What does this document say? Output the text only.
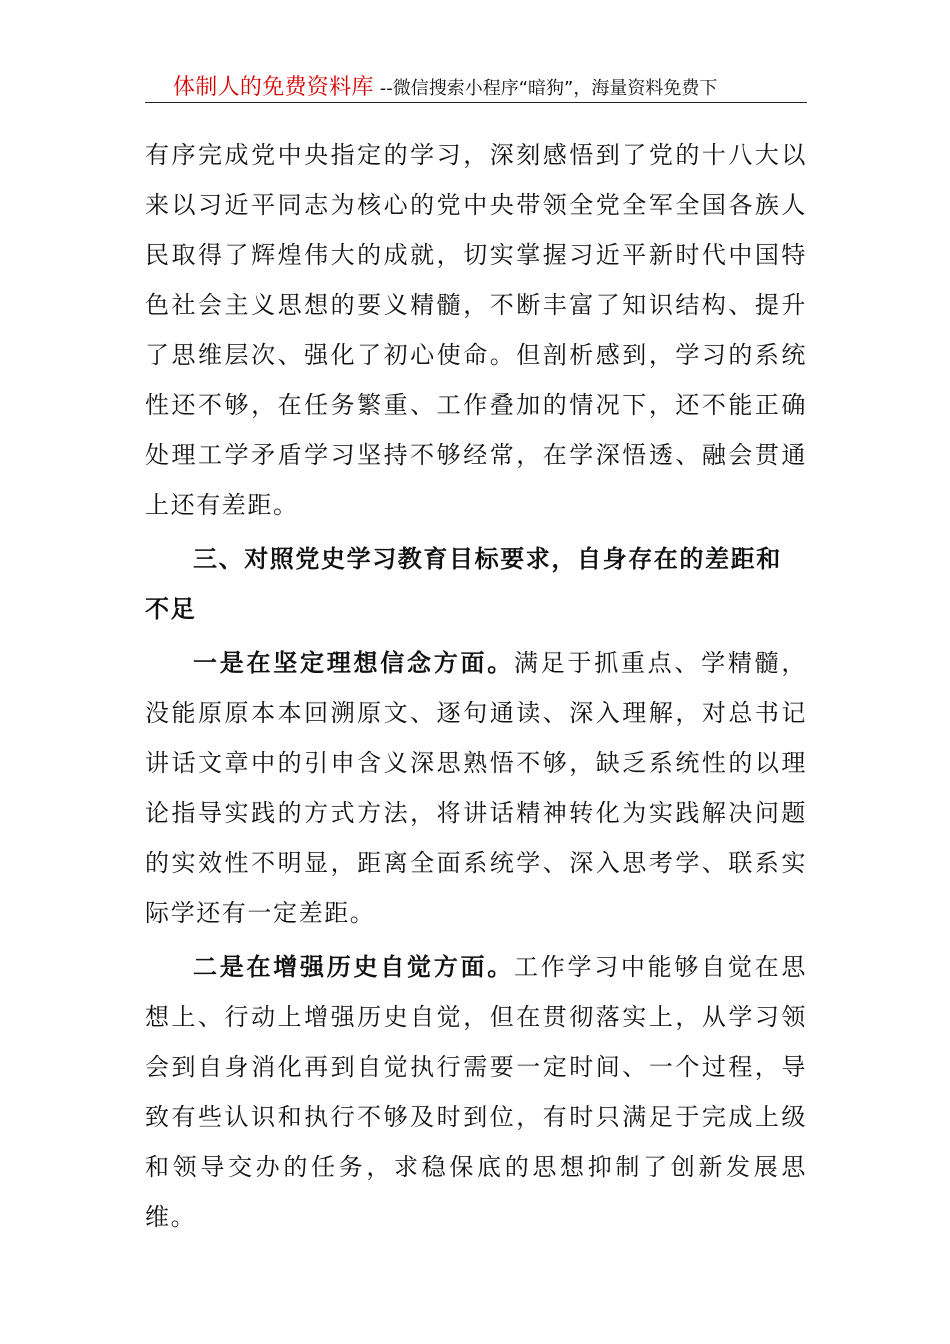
体制人的免费资料库 --微信搜索小程序“暗狗”，海量资料免费下

有序完成党中央指定的学习，深刻感悟到了党的十八大以来以习近平同志为核心的党中央带领全党全军全国各族人民取得了辉煌伟大的成就，切实掌握习近平新时代中国特色社会主义思想的要义精髓，不断丰富了知识结构、提升了思维层次、强化了初心使命。但剖析感到，学习的系统性还不够，在任务繁重、工作叠加的情况下，还不能正确处理工学矛盾学习坚持不够经常，在学深悟透、融会贯通上还有差距。

三、对照党史学习教育目标要求，自身存在的差距和不足

一是在坚定理想信念方面。满足于抓重点、学精髓，没能原原本本回溯原文、逐句通读、深入理解，对总书记讲话文章中的引申含义深思熟悟不够，缺乏系统性的以理论指导实践的方式方法，将讲话精神转化为实践解决问题的实效性不明显，距离全面系统学、深入思考学、联系实际学还有一定差距。

二是在增强历史自觉方面。工作学习中能够自觉在思想上、行动上增强历史自觉，但在贯彻落实上，从学习领会到自身消化再到自觉执行需要一定时间、一个过程，导致有些认识和执行不够及时到位，有时只满足于完成上级和领导交办的任务，求稳保底的思想抑制了创新发展思维。
